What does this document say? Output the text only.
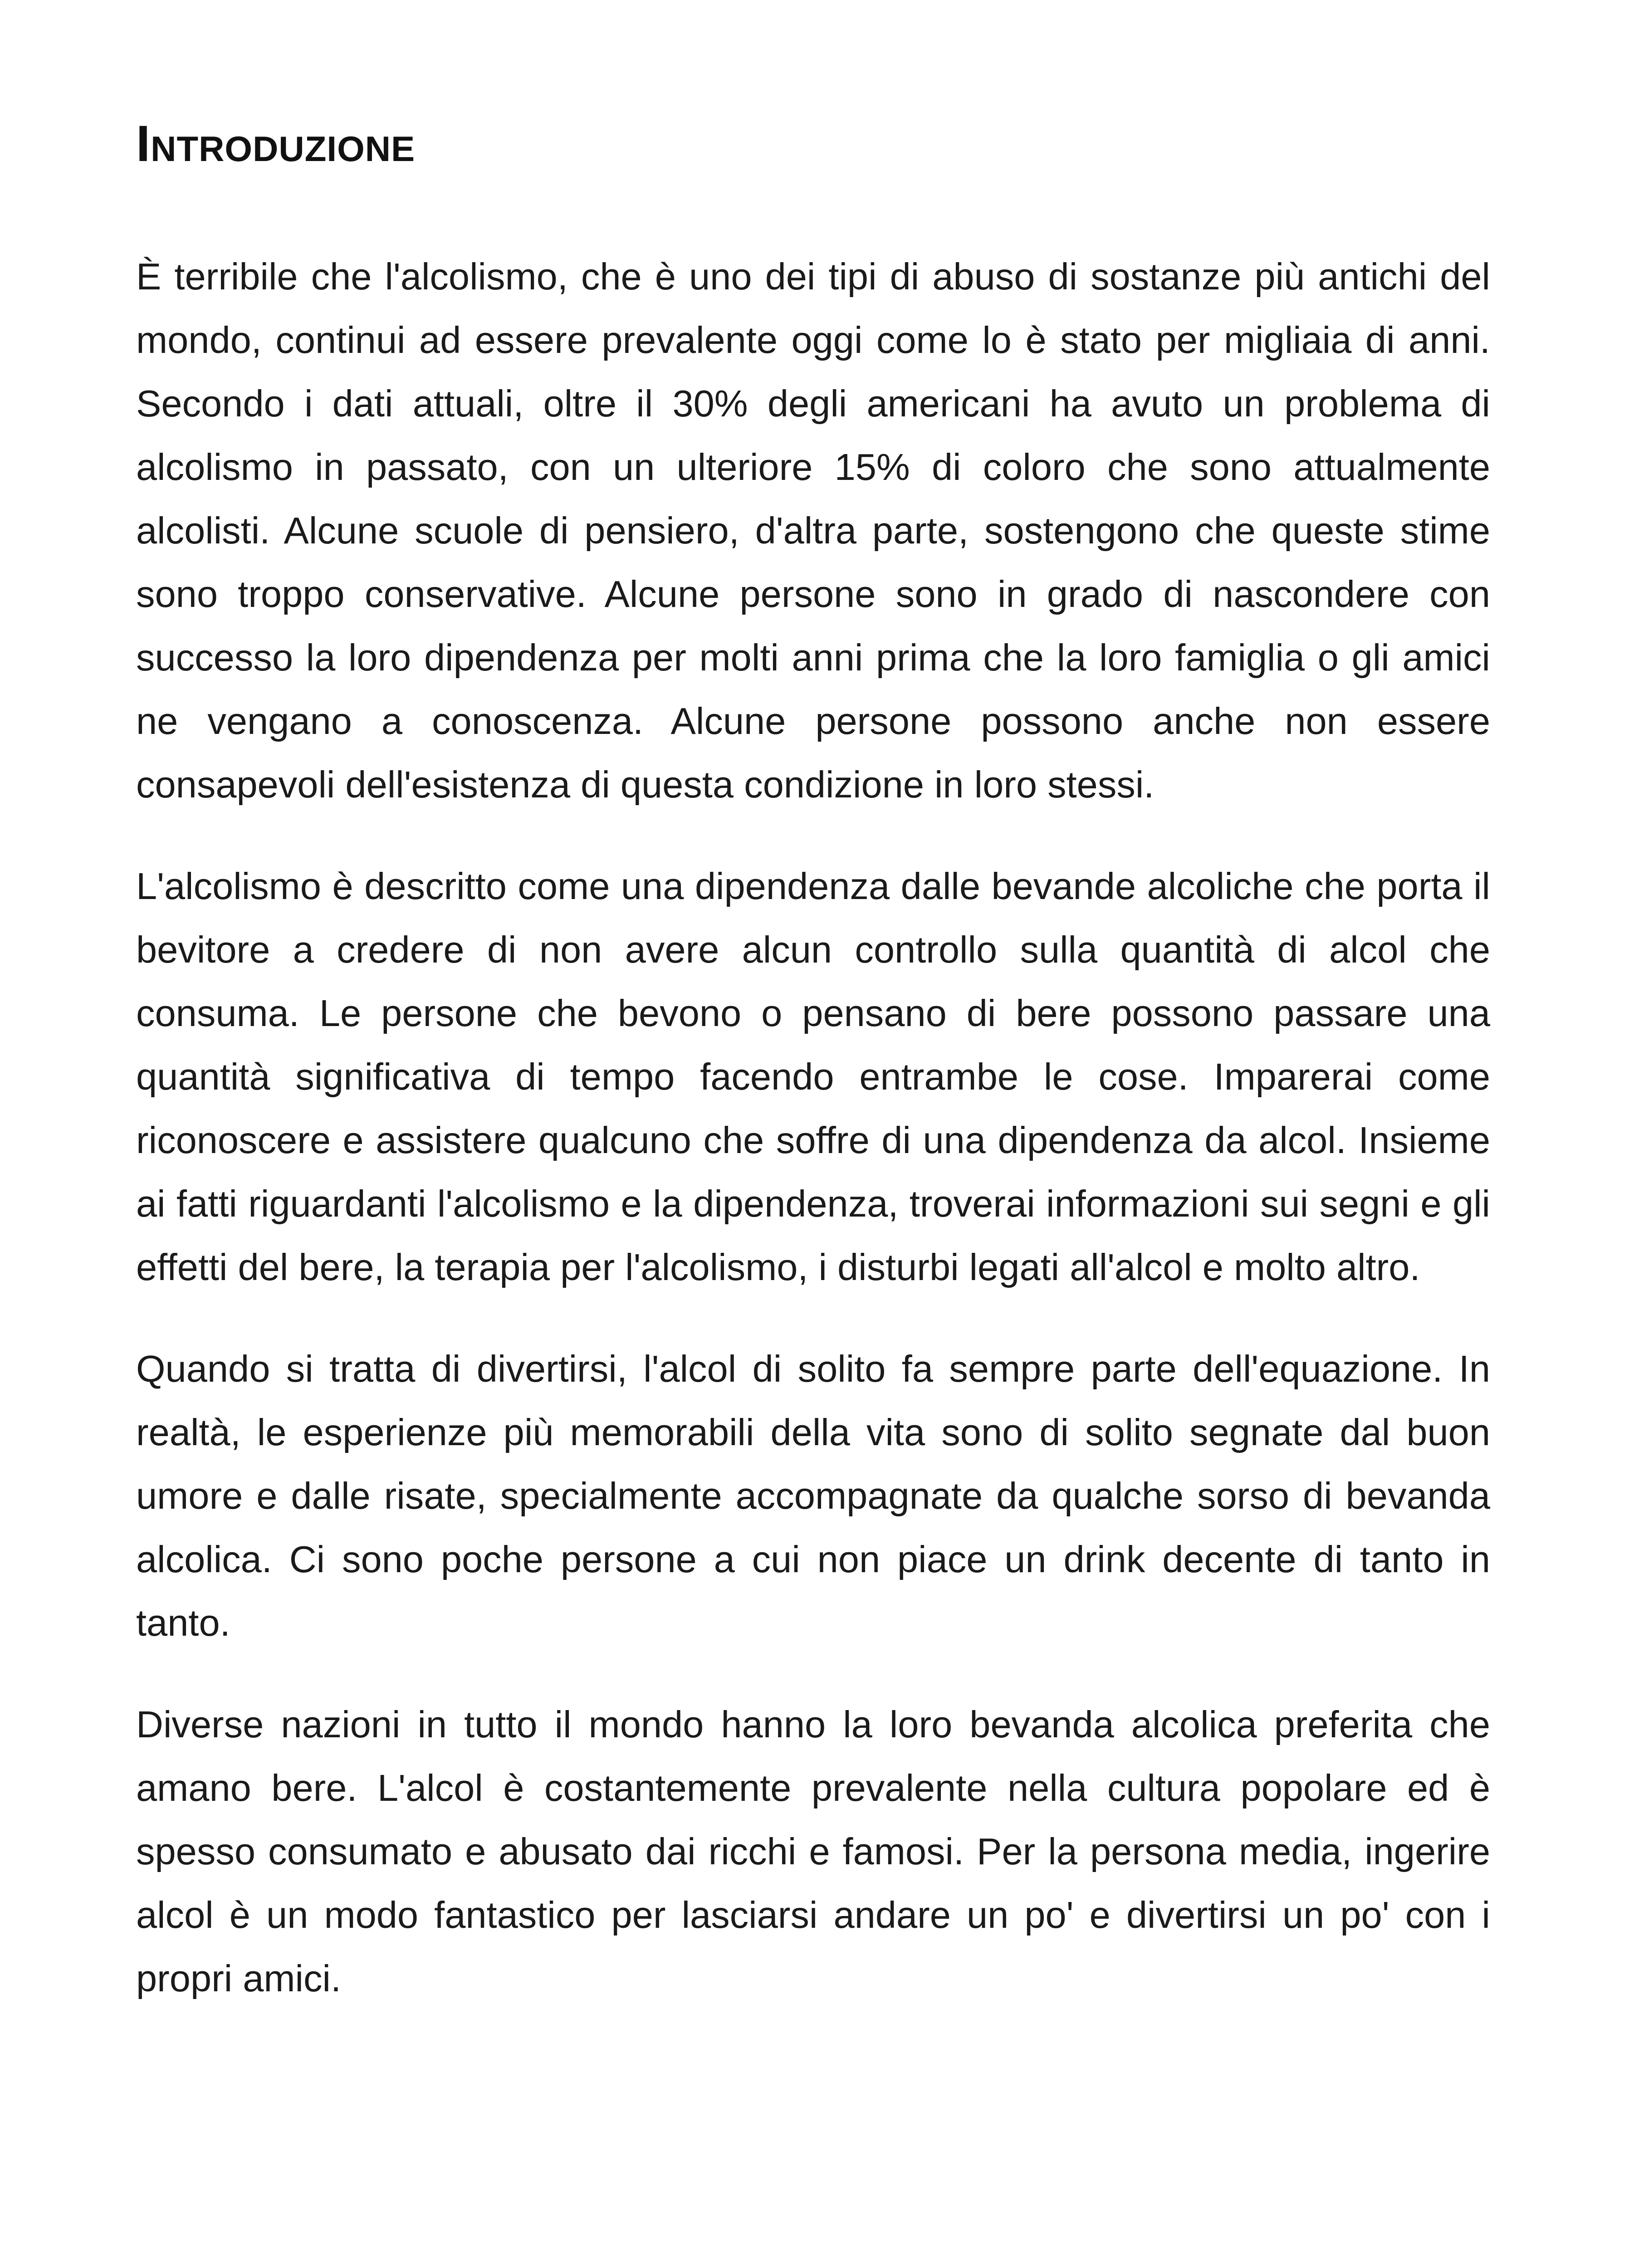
Introduzione

È terribile che l'alcolismo, che è uno dei tipi di abuso di sostanze più antichi del mondo, continui ad essere prevalente oggi come lo è stato per migliaia di anni. Secondo i dati attuali, oltre il 30% degli americani ha avuto un problema di alcolismo in passato, con un ulteriore 15% di coloro che sono attualmente alcolisti. Alcune scuole di pensiero, d'altra parte, sostengono che queste stime sono troppo conservative. Alcune persone sono in grado di nascondere con successo la loro dipendenza per molti anni prima che la loro famiglia o gli amici ne vengano a conoscenza. Alcune persone possono anche non essere consapevoli dell'esistenza di questa condizione in loro stessi.

L'alcolismo è descritto come una dipendenza dalle bevande alcoliche che porta il bevitore a credere di non avere alcun controllo sulla quantità di alcol che consuma. Le persone che bevono o pensano di bere possono passare una quantità significativa di tempo facendo entrambe le cose. Imparerai come riconoscere e assistere qualcuno che soffre di una dipendenza da alcol. Insieme ai fatti riguardanti l'alcolismo e la dipendenza, troverai informazioni sui segni e gli effetti del bere, la terapia per l'alcolismo, i disturbi legati all'alcol e molto altro.

Quando si tratta di divertirsi, l'alcol di solito fa sempre parte dell'equazione. In realtà, le esperienze più memorabili della vita sono di solito segnate dal buon umore e dalle risate, specialmente accompagnate da qualche sorso di bevanda alcolica. Ci sono poche persone a cui non piace un drink decente di tanto in tanto.

Diverse nazioni in tutto il mondo hanno la loro bevanda alcolica preferita che amano bere. L'alcol è costantemente prevalente nella cultura popolare ed è spesso consumato e abusato dai ricchi e famosi. Per la persona media, ingerire alcol è un modo fantastico per lasciarsi andare un po' e divertirsi un po' con i propri amici.
